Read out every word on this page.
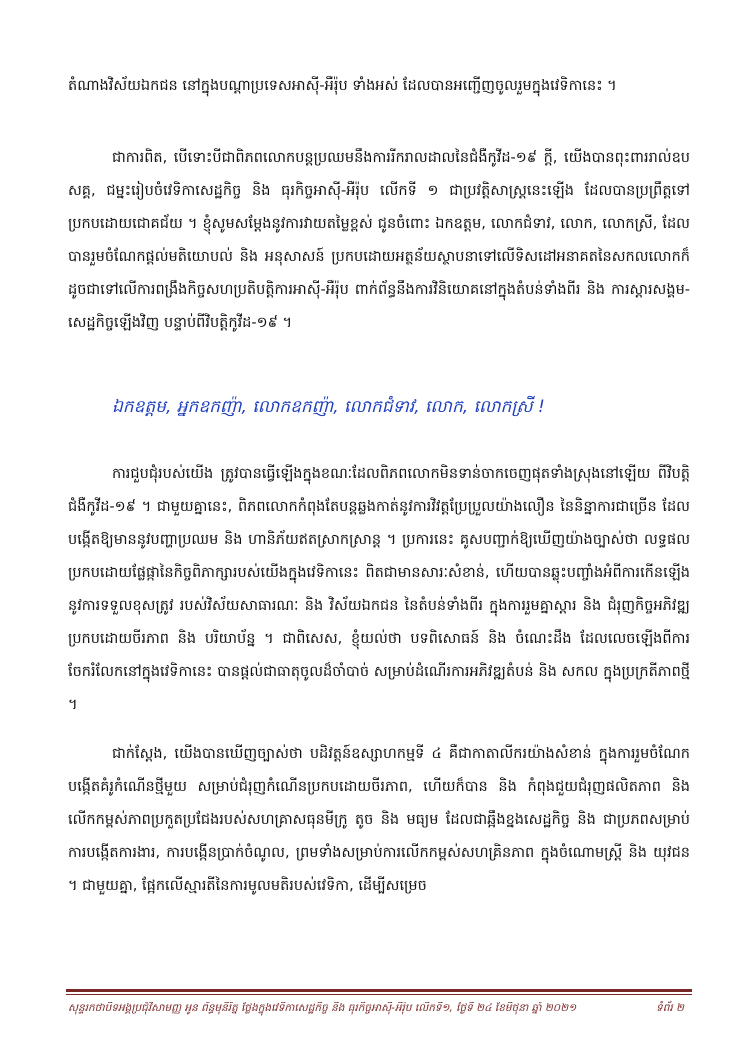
តំណាងវិស័យឯកជន នៅក្នុងបណ្ដាប្រទេសអាស៊ី-អឺរ៉ុប ទាំងអស់ ដែលបានអញ្ជើញចូលរួមក្នុងវេទិកានេះ ។

ជាការពិត, បើទោះបីជាពិភពលោកបន្តប្រឈមនឹងការរីករាលដាលនៃជំងឺកូវីដ-១៩ ក្ដី, យើងបានពុះពាររាល់ឧបសគ្គ, ជម្នះរៀបចំវេទិកាសេដ្ឋកិច្ច និង ធុរកិច្ចអាស៊ី-អឺរ៉ុប លើកទី ១ ជាប្រវត្តិសាស្ត្រនេះឡើង ដែលបានប្រព្រឹត្តទៅប្រកបដោយជោគជ័យ ។ ខ្ញុំសូមសម្ដែងនូវការវាយតម្លៃខ្ពស់ ជូនចំពោះ ឯកឧត្តម, លោកជំទាវ, លោក, លោកស្រី, ដែលបានរួមចំណែកផ្ដល់មតិយោបល់ និង អនុសាសន៍ ប្រកបដោយអត្ថន័យស្ថាបនាទៅលើទិសដៅអនាគតនៃសកលលោកក៏ដូចជាទៅលើការពង្រឹងកិច្ចសហប្រតិបត្តិការអាស៊ី-អឺរ៉ុប ពាក់ព័ន្ធនឹងការវិនិយោគនៅក្នុងតំបន់ទាំងពីរ និង ការស្ដារសង្គម-សេដ្ឋកិច្ចឡើងវិញ បន្ទាប់ពីវិបត្តិកូវីដ-១៩ ។

ឯកឧត្តម, អ្នកឧកញ៉ា, លោកឧកញ៉ា, លោកជំទាវ, លោក, លោកស្រី !

ការជួបជុំរបស់យើង ត្រូវបានធ្វើឡើងក្នុងខណៈដែលពិភពលោកមិនទាន់ចាកចេញផុតទាំងស្រុងនៅឡើយ ពីវិបត្តិជំងឺកូវីដ-១៩ ។ ជាមួយគ្នានេះ, ពិភពលោកកំពុងតែបន្តឆ្លងកាត់នូវការវិវត្តប្រែប្រួលយ៉ាងលឿន នៃនិន្នាការជាច្រើន ដែលបង្កើតឱ្យមាននូវបញ្ហាប្រឈម និង ហានិភ័យឥតស្រាកស្រាន្ត ។ ប្រការនេះ គូសបញ្ជាក់ឱ្យឃើញយ៉ាងច្បាស់ថា លទ្ធផលប្រកបដោយផ្លែផ្កានៃកិច្ចពិភាក្សារបស់យើងក្នុងវេទិកានេះ ពិតជាមានសារៈសំខាន់, ហើយបានឆ្លុះបញ្ចាំងអំពីការកើនឡើងនូវការទទួលខុសត្រូវ របស់វិស័យសាធារណៈ និង វិស័យឯកជន នៃតំបន់ទាំងពីរ ក្នុងការរួមគ្នាស្ដារ និង ជំរុញកិច្ចអភិវឌ្ឍប្រកបដោយចីរភាព និង បរិយាប័ន្ន ។ ជាពិសេស, ខ្ញុំយល់ថា បទពិសោធន៍ និង ចំណេះដឹង ដែលលេចឡើងពីការចែករំលែកនៅក្នុងវេទិកានេះ បានផ្ដល់ជាធាតុចូលដ៏ចាំបាច់ សម្រាប់ដំណើរការអភិវឌ្ឍតំបន់ និង សកល ក្នុងប្រក្រតីភាពថ្មី ។

ជាក់ស្ដែង, យើងបានឃើញច្បាស់ថា បដិវត្តន៍ឧស្សាហកម្មទី ៤ គឺជាកាតាលីករយ៉ាងសំខាន់ ក្នុងការរួមចំណែកបង្កើតគំរូកំណើនថ្មីមួយ សម្រាប់ជំរុញកំណើនប្រកបដោយចីរភាព, ហើយក៏បាន និង កំពុងជួយជំរុញផលិតភាព និង លើកកម្ពស់ភាពប្រកួតប្រជែងរបស់សហគ្រាសធុនមីក្រូ តូច និង មធ្យម ដែលជាឆ្អឹងខ្នងសេដ្ឋកិច្ច និង ជាប្រភពសម្រាប់ការបង្កើតការងារ, ការបង្កើនប្រាក់ចំណូល, ព្រមទាំងសម្រាប់ការលើកកម្ពស់សហគ្រិនភាព ក្នុងចំណោមស្ត្រី និង យុវជន ។ ជាមួយគ្នា, ផ្អែកលើស្មារតីនៃការមូលមតិរបស់វេទិកា, ដើម្បីសម្រេច

សុន្ទរកថាបិទអង្គប្រជុំវិសាមញ្ញ អូន ព័ន្ធមុនីរ័ត្ន ថ្លែងក្នុងវេទិកាសេដ្ឋកិច្ច និង ធុរកិច្ចអាស៊ី-អឺរ៉ុប លើកទី១, ថ្ងៃទី ២៤ ខែមិថុនា ឆ្នាំ ២០២១	ទំព័រ ២
